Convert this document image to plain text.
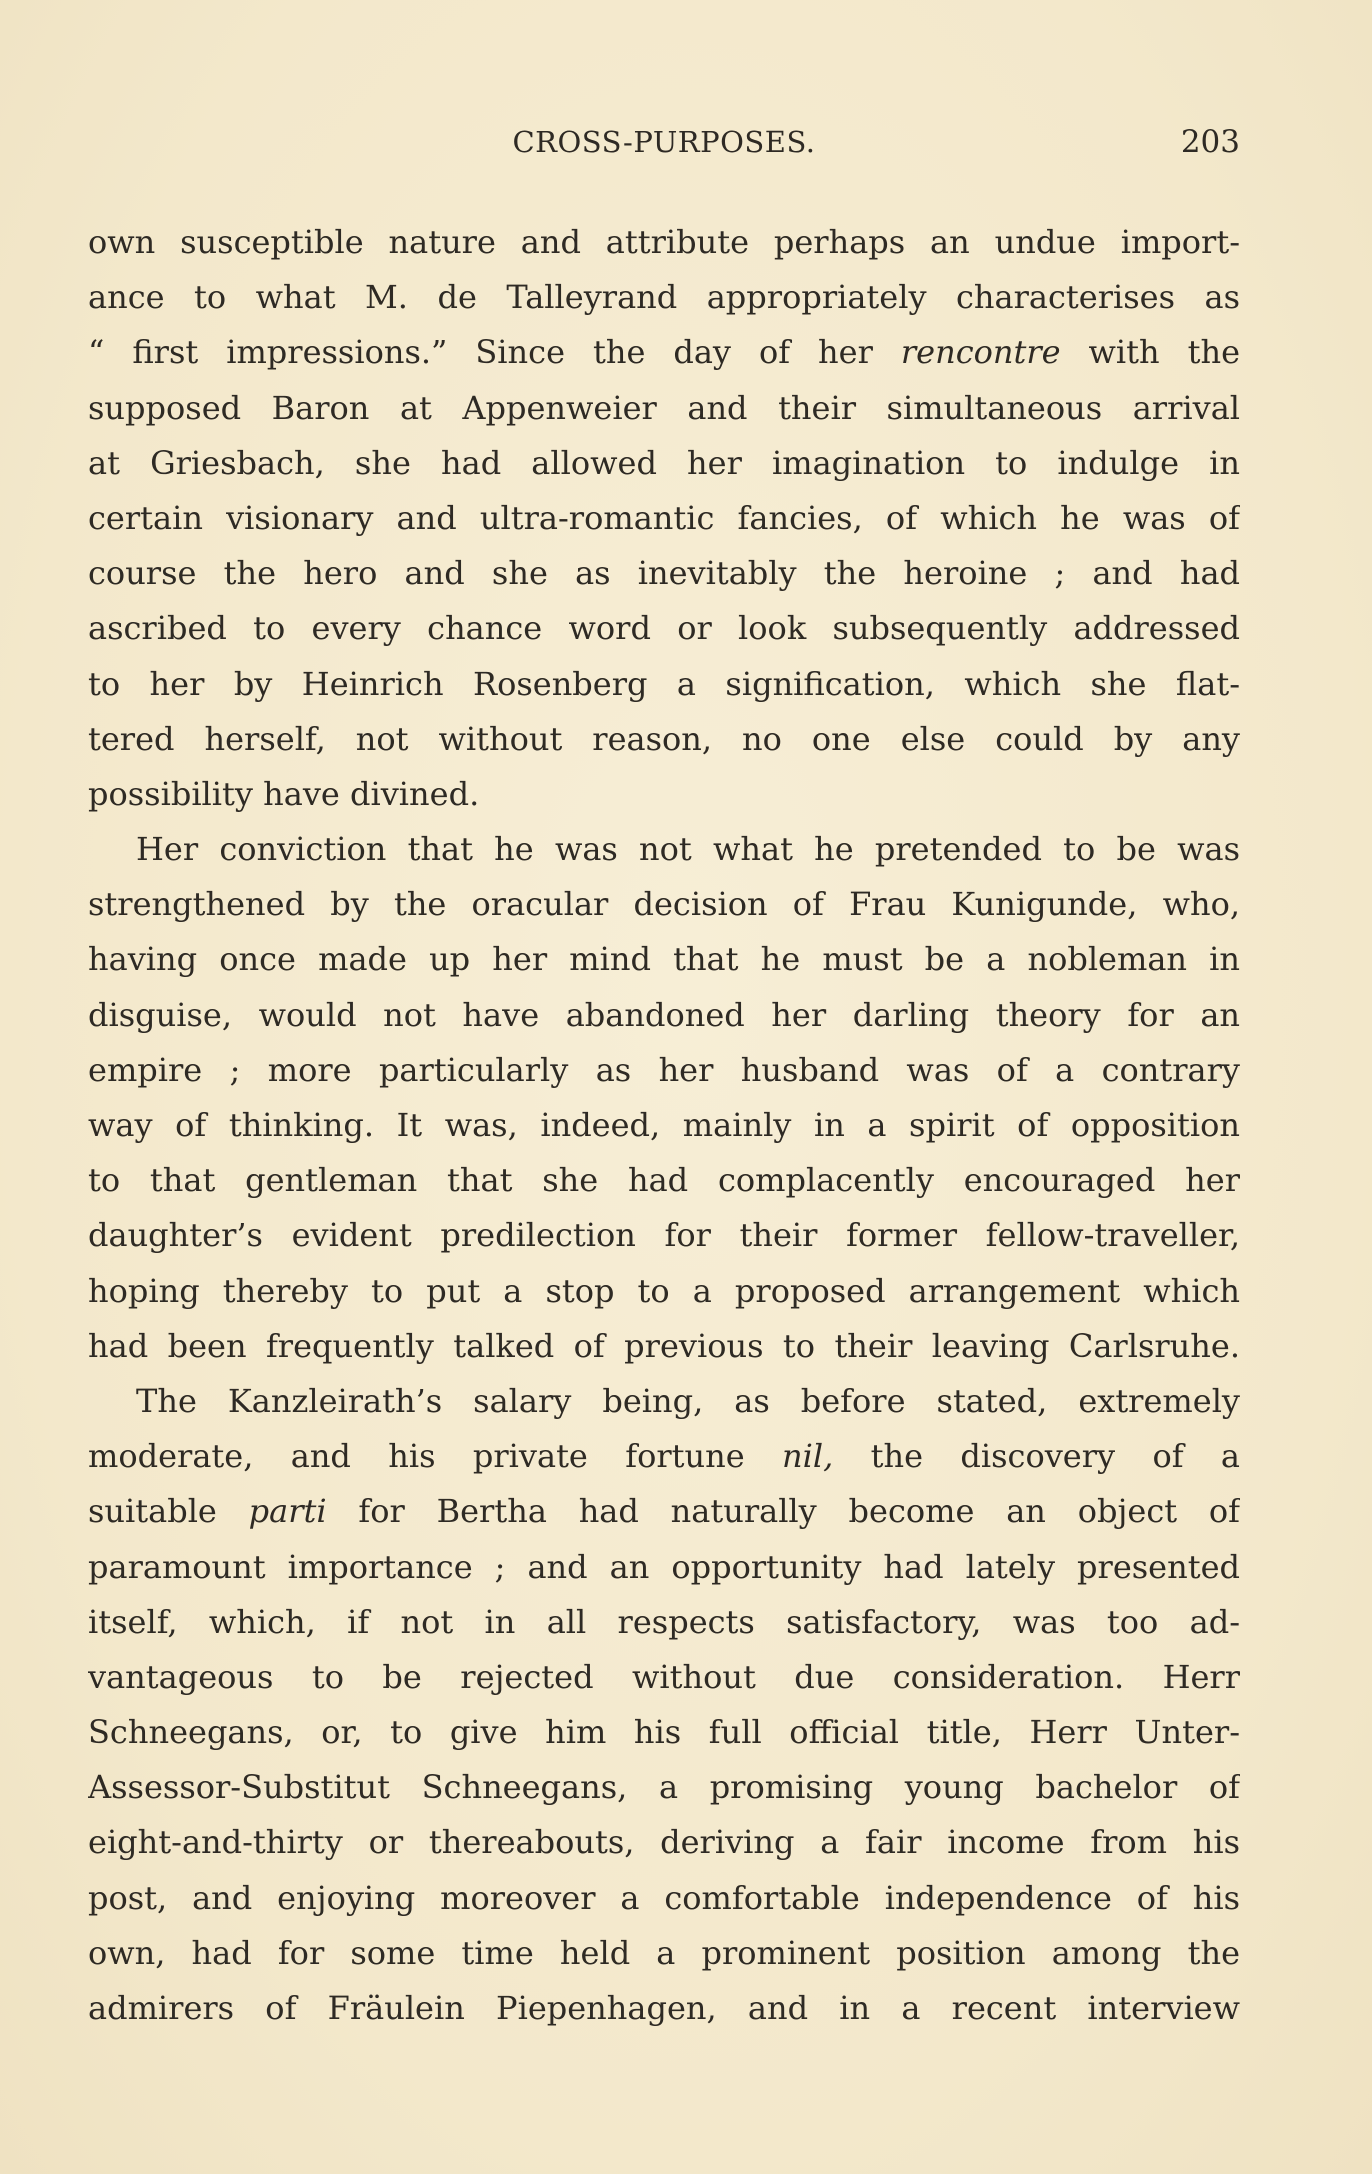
CROSS-PURPOSES.	203
own susceptible nature and attribute perhaps an undue import-
ance to what M. de Talleyrand appropriately characterises as
“ first impressions.” Since the day of her rencontre with the
supposed Baron at Appenweier and their simultaneous arrival
at Griesbach, she had allowed her imagination to indulge in
certain visionary and ultra-romantic fancies, of which he was of
course the hero and she as inevitably the heroine ; and had
ascribed to every chance word or look subsequently addressed
to her by Heinrich Rosenberg a signification, which she flat-
tered herself, not without reason, no one else could by any
possibility have divined.
Her conviction that he was not what he pretended to be was
strengthened by the oracular decision of Frau Kunigunde, who,
having once made up her mind that he must be a nobleman in
disguise, would not have abandoned her darling theory for an
empire ; more particularly as her husband was of a contrary
way of thinking. It was, indeed, mainly in a spirit of opposition
to that gentleman that she had complacently encouraged her
daughter’s evident predilection for their former fellow-traveller,
hoping thereby to put a stop to a proposed arrangement which
had been frequently talked of previous to their leaving Carlsruhe.
The Kanzleirath’s salary being, as before stated, extremely
moderate, and his private fortune nil, the discovery of a
suitable parti for Bertha had naturally become an object of
paramount importance ; and an opportunity had lately presented
itself, which, if not in all respects satisfactory, was too ad-
vantageous to be rejected without due consideration. Herr
Schneegans, or, to give him his full official title, Herr Unter-
Assessor-Substitut Schneegans, a promising young bachelor of
eight-and-thirty or thereabouts, deriving a fair income from his
post, and enjoying moreover a comfortable independence of his
own, had for some time held a prominent position among the
admirers of Fräulein Piepenhagen, and in a recent interview
